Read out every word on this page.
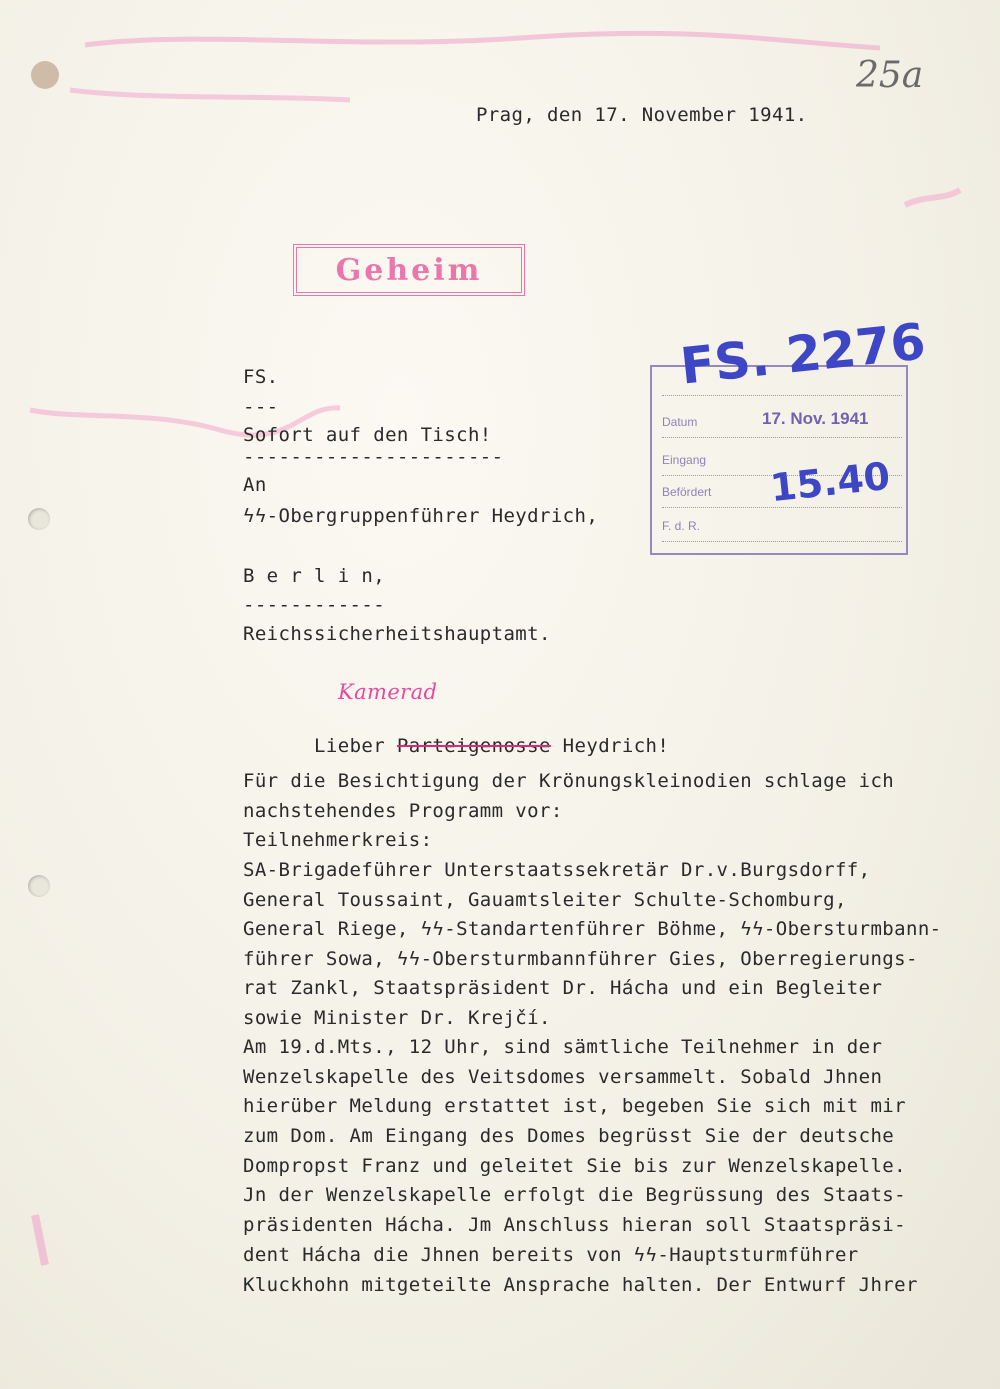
25a
Prag, den 17. November 1941.
Geheim
Datum	17. Nov. 1941
Eingang
Befördert
F. d. R.
FS. 2276
15.40
FS.
---
Sofort auf den Tisch!
----------------------
An
ϟϟ-Obergruppenführer Heydrich,
B e r l i n,
------------
Reichssicherheitshauptamt.
Kamerad

Lieber Parteigenosse Heydrich!

Für die Besichtigung der Krönungskleinodien schlage ich
nachstehendes Programm vor:
Teilnehmerkreis:
SA-Brigadeführer Unterstaatssekretär Dr.v.Burgsdorff,
General Toussaint, Gauamtsleiter Schulte-Schomburg,
General Riege, ϟϟ-Standartenführer Böhme, ϟϟ-Obersturmbann-
führer Sowa, ϟϟ-Obersturmbannführer Gies, Oberregierungs-
rat Zankl, Staatspräsident Dr. Hácha und ein Begleiter
sowie Minister Dr. Krejčí.
Am 19.d.Mts., 12 Uhr, sind sämtliche Teilnehmer in der
Wenzelskapelle des Veitsdomes versammelt. Sobald Jhnen
hierüber Meldung erstattet ist, begeben Sie sich mit mir
zum Dom. Am Eingang des Domes begrüsst Sie der deutsche
Dompropst Franz und geleitet Sie bis zur Wenzelskapelle.
Jn der Wenzelskapelle erfolgt die Begrüssung des Staats-
präsidenten Hácha. Jm Anschluss hieran soll Staatspräsi-
dent Hácha die Jhnen bereits von ϟϟ-Hauptsturmführer
Kluckhohn mitgeteilte Ansprache halten. Der Entwurf Jhrer
